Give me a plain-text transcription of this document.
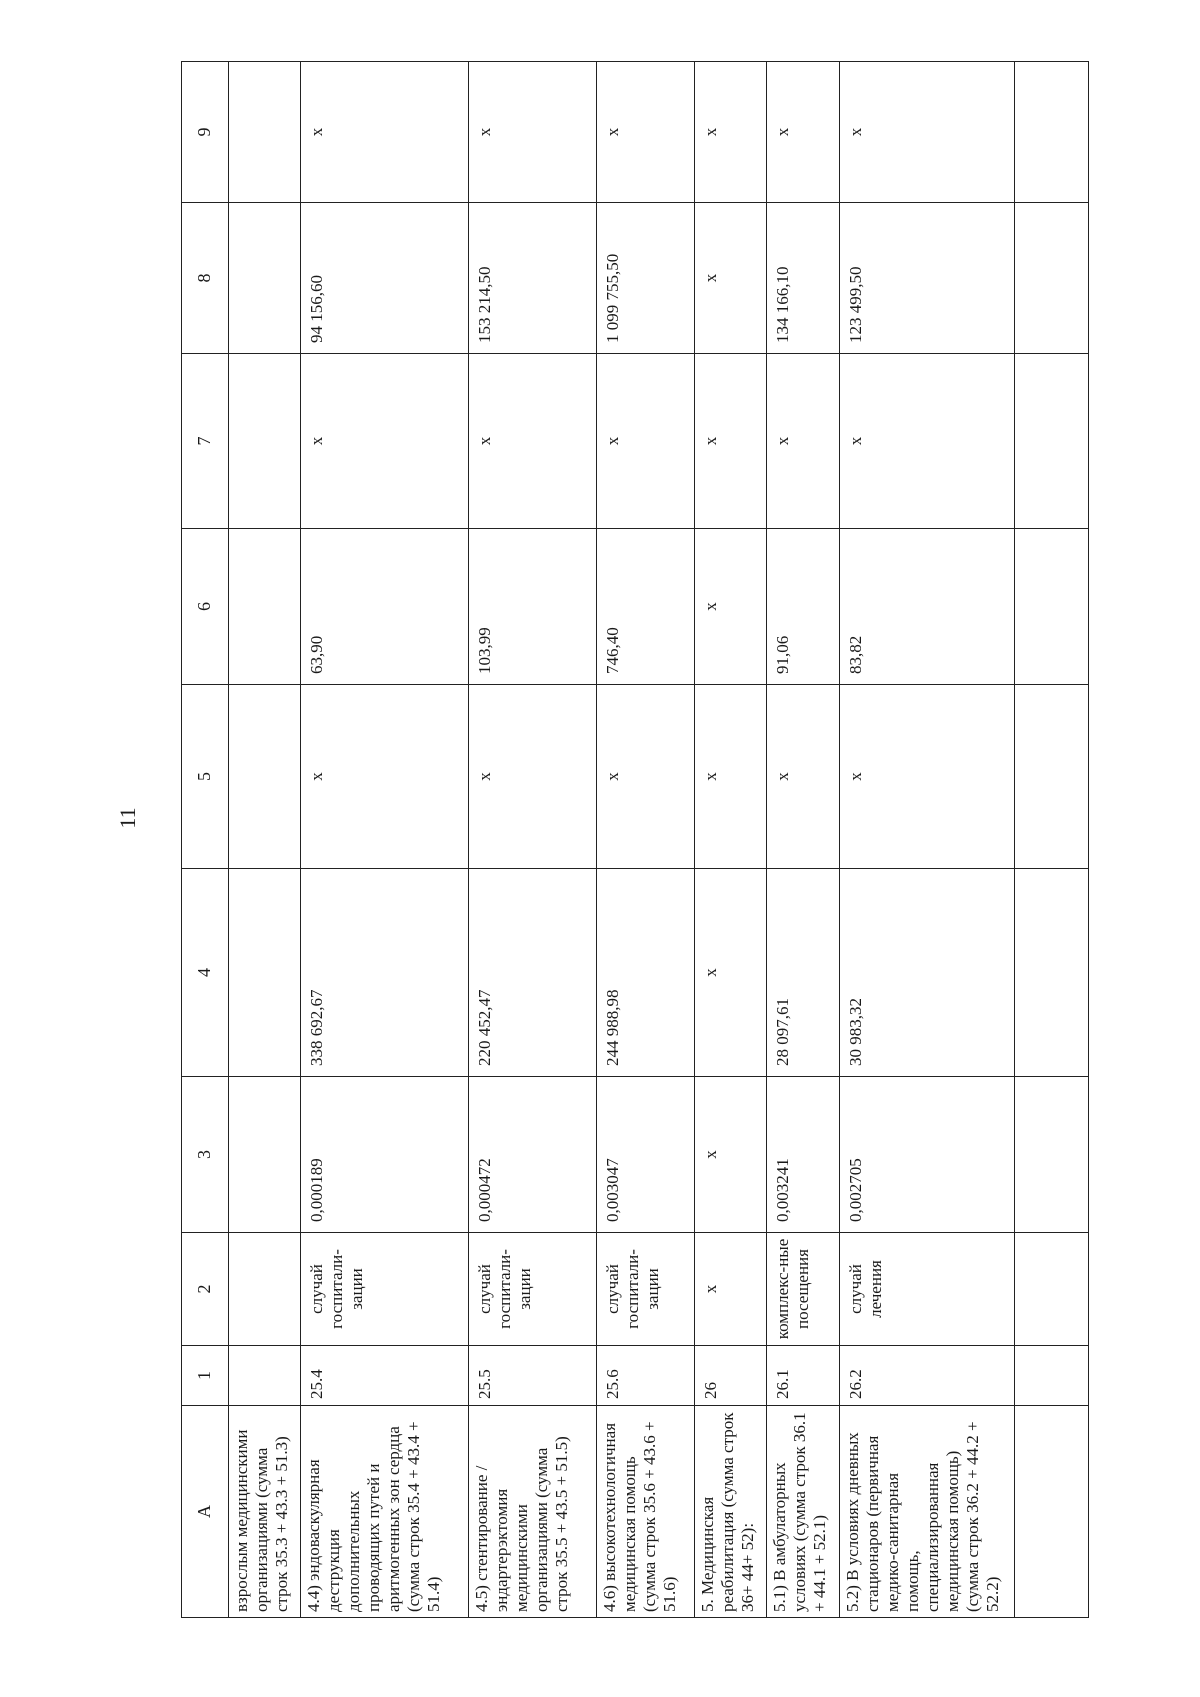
11
А	1	2	3	4	5	6	7	8	9
взрослым медицинскими организациями (сумма строк 35.3 + 43.3 + 51.3)									
4.4) эндоваскулярная деструкция дополнительных проводящих путей и аритмогенных зон сердца (сумма строк 35.4 + 43.4 + 51.4)	25.4	случай госпитали-зации	0,000189	338 692,67	х	63,90	х	94 156,60	х
4.5) стентирование / эндартерэктомия медицинскими организациями (сумма строк 35.5 + 43.5 + 51.5)	25.5	случай госпитали-зации	0,000472	220 452,47	х	103,99	х	153 214,50	х
4.6) высокотехнологичная медицинская помощь (сумма строк 35.6 + 43.6 + 51.6)	25.6	случай госпитали-зации	0,003047	244 988,98	х	746,40	х	1 099 755,50	х
5. Медицинская реабилитация (сумма строк 36+ 44+ 52):	26	х	х	х	х	х	х	х	х
5.1) В амбулаторных условиях (сумма строк 36.1 + 44.1 + 52.1)	26.1	комплекс-ные посещения	0,003241	28 097,61	х	91,06	х	134 166,10	х
5.2) В условиях дневных стационаров (первичная медико-санитарная помощь, специализированная медицинская помощь) (сумма строк 36.2 + 44.2 + 52.2)	26.2	случай лечения	0,002705	30 983,32	х	83,82	х	123 499,50	х
